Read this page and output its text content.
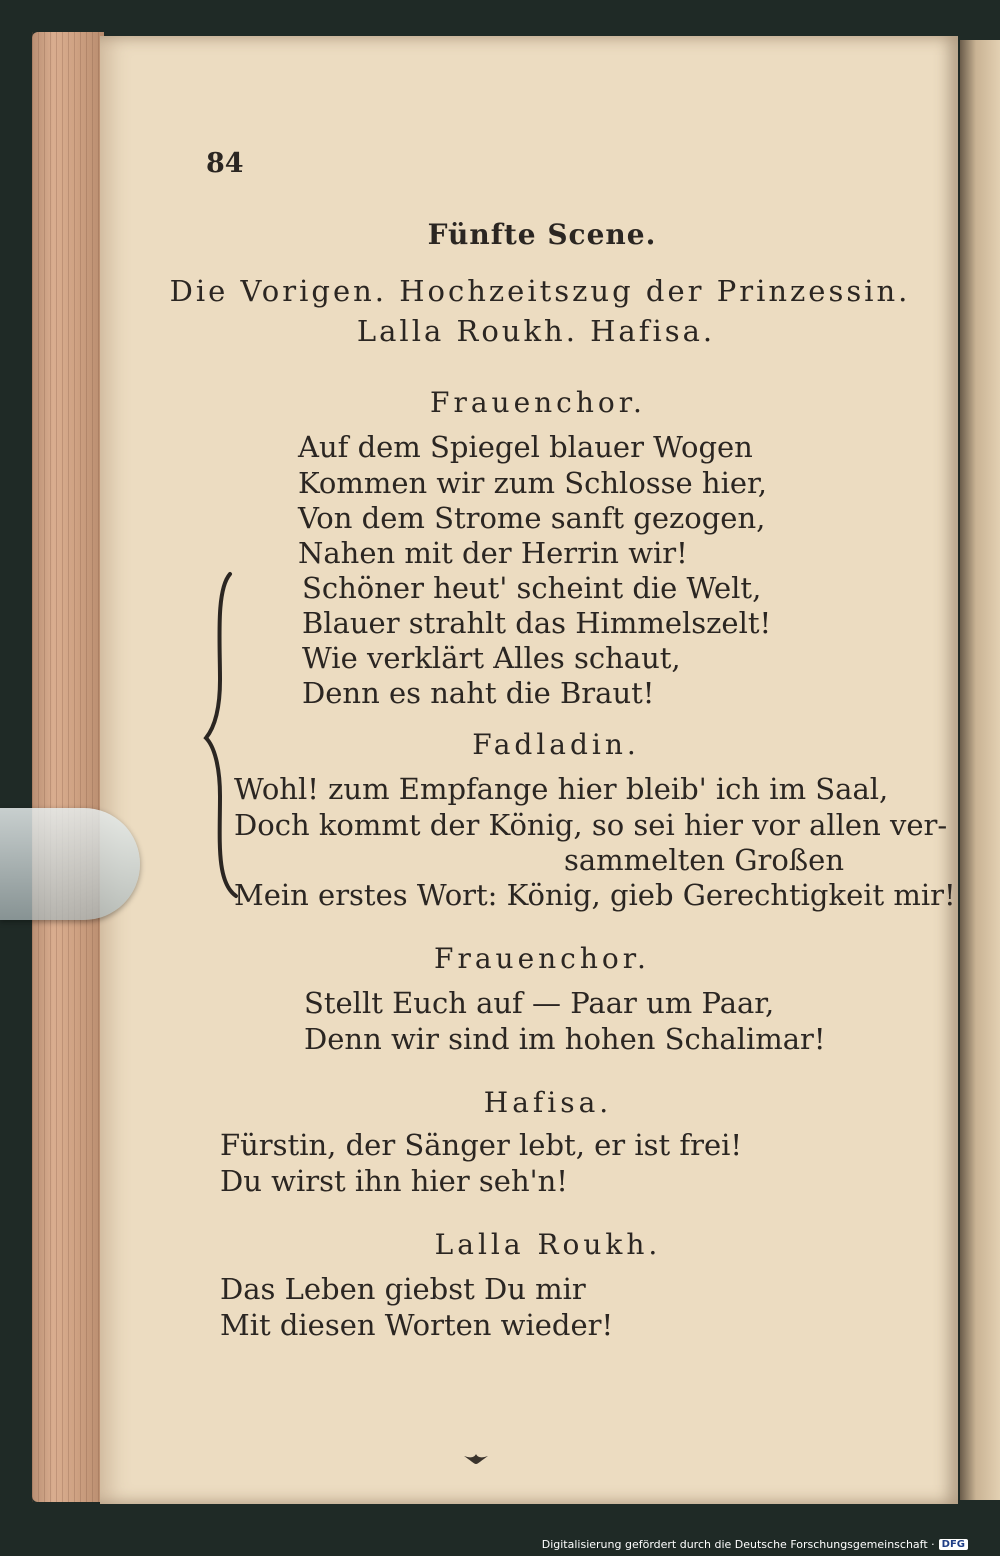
84
Fünfte Scene.
Die Vorigen. Hochzeitszug der Prinzessin.
Lalla Roukh. Hafisa.
Frauenchor.
Auf dem Spiegel blauer Wogen
Kommen wir zum Schlosse hier,
Von dem Strome sanft gezogen,
Nahen mit der Herrin wir!
Schöner heut' scheint die Welt,
Blauer strahlt das Himmelszelt!
Wie verklärt Alles schaut,
Denn es naht die Braut!
Fadladin.
Wohl! zum Empfange hier bleib' ich im Saal,
Doch kommt der König, so sei hier vor allen ver-
sammelten Großen
Mein erstes Wort: König, gieb Gerechtigkeit mir!
Frauenchor.
Stellt Euch auf — Paar um Paar,
Denn wir sind im hohen Schalimar!
Hafisa.
Fürstin, der Sänger lebt, er ist frei!
Du wirst ihn hier seh'n!
Lalla Roukh.
Das Leben giebst Du mir
Mit diesen Worten wieder!
Digitalisierung gefördert durch die Deutsche Forschungsgemeinschaft · DFG
